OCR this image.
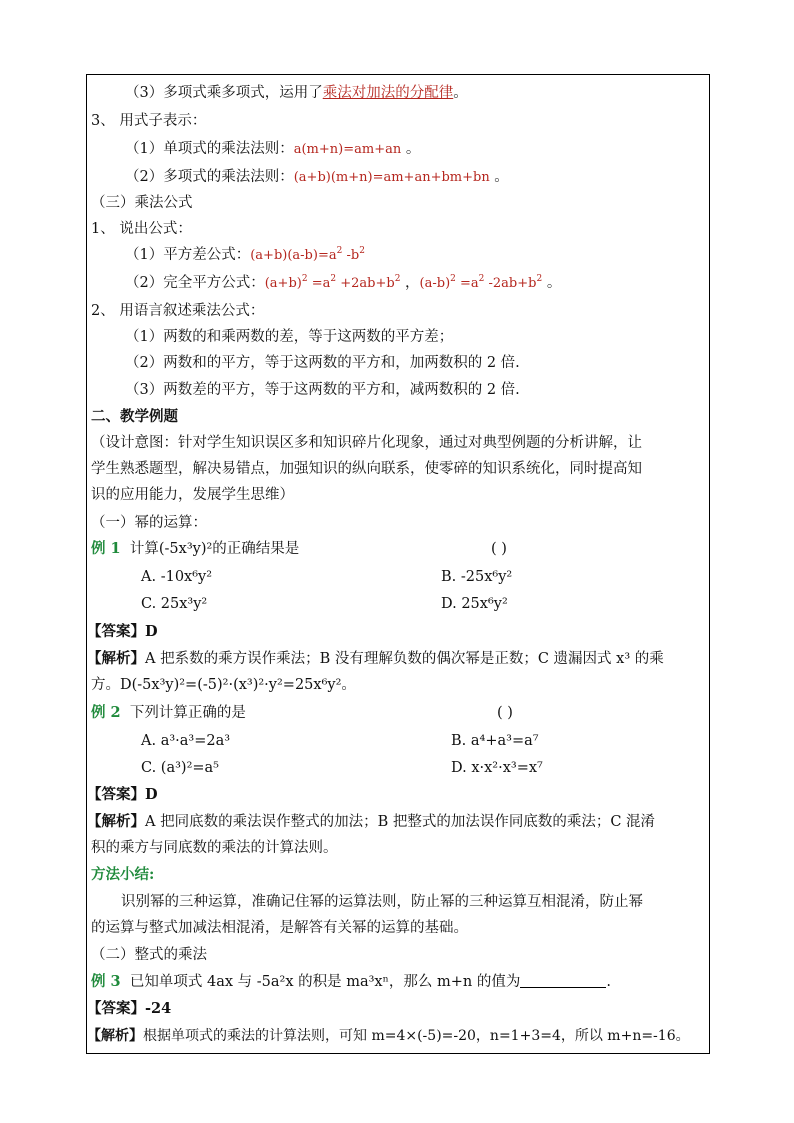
（3）多项式乘多项式，运用了乘法对加法的分配律。
3、 用式子表示：
（1）单项式的乘法法则：a(m+n)=am+an 。
（2）多项式的乘法法则：(a+b)(m+n)=am+an+bm+bn 。
（三）乘法公式
1、 说出公式：
（1）平方差公式：$(a+b)(a-b)=a^2$ $-b^2$
（2）完全平方公式：$(a+b)^2 =a^2 +2ab+b^2$ ，$(a-b)^2 =a^2$ $-2ab+b^2$ 。
2、 用语言叙述乘法公式：
（1）两数的和乘两数的差，等于这两数的平方差；
（2）两数和的平方，等于这两数的平方和，加两数积的 2 倍.
（3）两数差的平方，等于这两数的平方和，减两数积的 2 倍.
二、教学例题
（设计意图：针对学生知识误区多和知识碎片化现象，通过对典型例题的分析讲解，让
学生熟悉题型，解决易错点，加强知识的纵向联系，使零碎的知识系统化，同时提高知
识的应用能力，发展学生思维）
（一）幂的运算：
例 1 计算(-5x³y)²的正确结果是	( )
A. -10x⁶y²	B. -25x⁶y²
C. 25x³y²	D. 25x⁶y²
【答案】D
【解析】A 把系数的乘方误作乘法；B 没有理解负数的偶次幂是正数；C 遗漏因式 x³ 的乘
方。D(-5x³y)²=(-5)²·(x³)²·y²=25x⁶y²。
例 2 下列计算正确的是	( )
A. a³·a³=2a³	B. a⁴+a³=a⁷
C. (a³)²=a⁵	D. x·x²·x³=x⁷
【答案】D
【解析】A 把同底数的乘法误作整式的加法；B 把整式的加法误作同底数的乘法；C 混淆
积的乘方与同底数的乘法的计算法则。
方法小结:
识别幂的三种运算，准确记住幂的运算法则，防止幂的三种运算互相混淆，防止幂
的运算与整式加减法相混淆，是解答有关幂的运算的基础。
（二）整式的乘法
例 3 已知单项式 4ax 与 -5a²x 的积是 ma³xⁿ，那么 m+n 的值为	.
【答案】-24
【解析】根据单项式的乘法的计算法则，可知 m=4×(-5)=-20，n=1+3=4，所以 m+n=-16。
